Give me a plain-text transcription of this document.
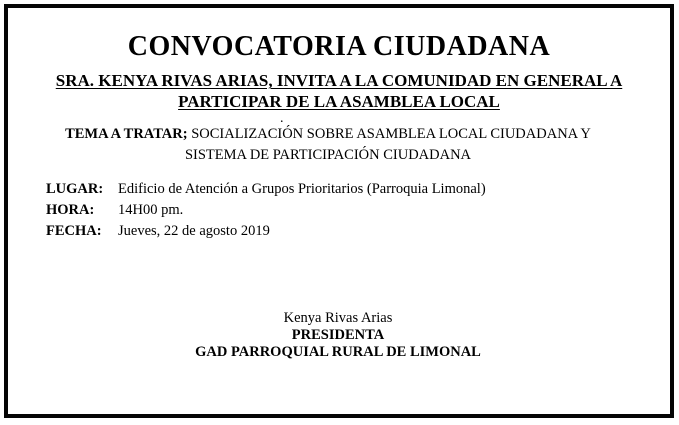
CONVOCATORIA CIUDADANA
SRA. KENYA RIVAS ARIAS, INVITA A LA COMUNIDAD EN GENERAL A
PARTICIPAR DE LA ASAMBLEA LOCAL
.
TEMA A TRATAR; SOCIALIZACIÓN SOBRE ASAMBLEA LOCAL CIUDADANA Y
SISTEMA DE PARTICIPACIÓN CIUDADANA
LUGAR:	Edificio de Atención a Grupos Prioritarios (Parroquia Limonal)
HORA:	14H00 pm.
FECHA:	Jueves, 22 de agosto 2019
Kenya Rivas Arias
PRESIDENTA
GAD PARROQUIAL RURAL DE LIMONAL
